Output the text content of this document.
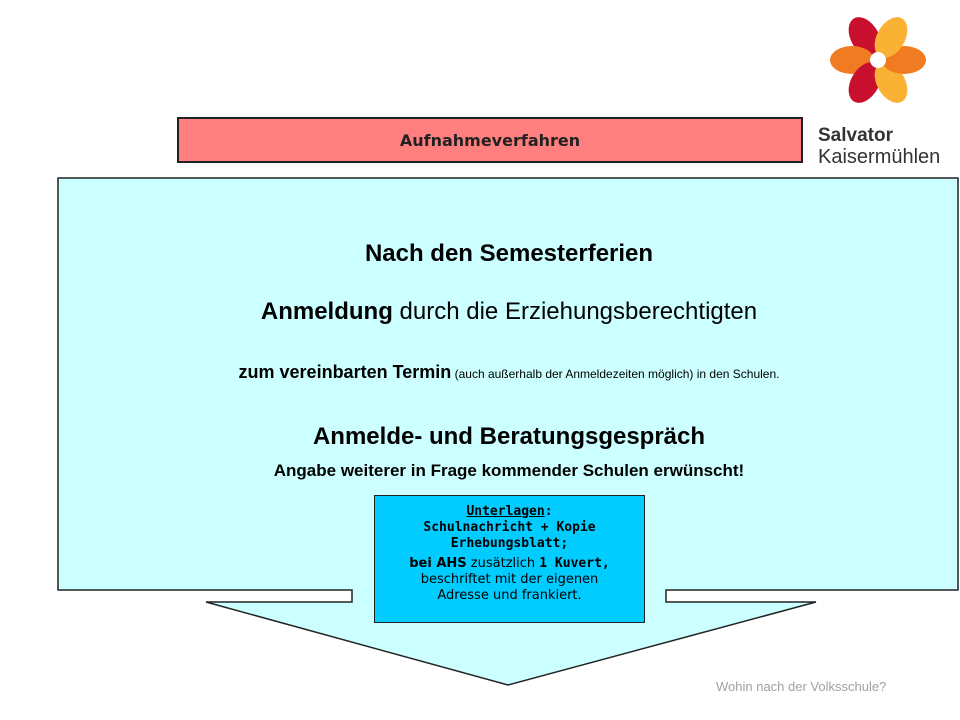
Aufnahmeverfahren	Salvator
Kaisermühlen
Nach den Semesterferien
Anmeldung durch die Erziehungsberechtigten
zum vereinbarten Termin (auch außerhalb der Anmeldezeiten möglich) in den Schulen.
Anmelde- und Beratungsgespräch
Angabe weiterer in Frage kommender Schulen erwünscht!
Unterlagen:
Schulnachricht + Kopie
Erhebungsblatt;
bei AHS zusätzlich 1 Kuvert,
beschriftet mit der eigenen
Adresse und frankiert.
Wohin nach der Volksschule?
